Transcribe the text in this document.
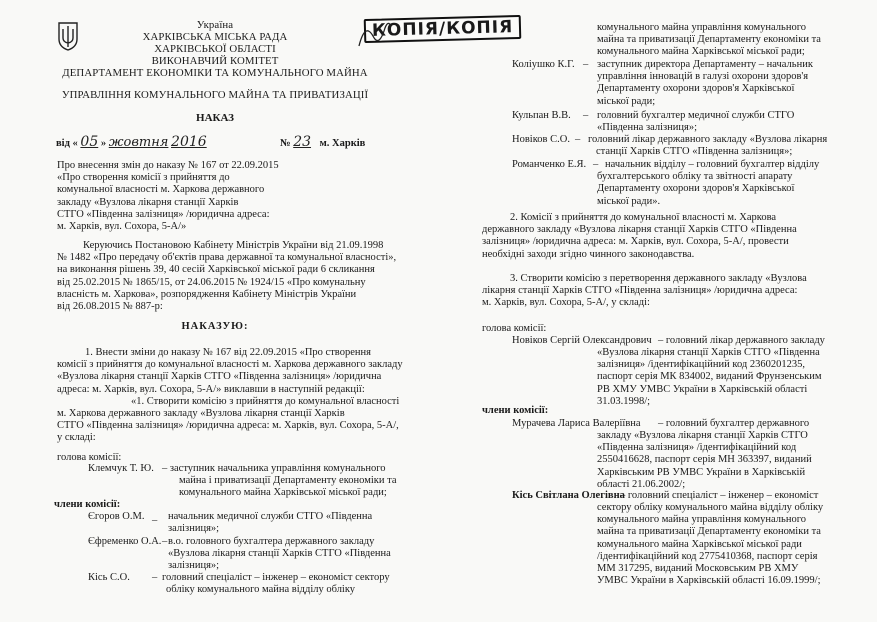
Україна
ХАРКІВСЬКА МІСЬКА РАДА
ХАРКІВСЬКОЇ ОБЛАСТІ
ВИКОНАВЧИЙ КОМІТЕТ
ДЕПАРТАМЕНТ ЕКОНОМІКИ ТА КОМУНАЛЬНОГО МАЙНА
УПРАВЛІННЯ КОМУНАЛЬНОГО МАЙНА ТА ПРИВАТИЗАЦІЇ
НАКАЗ
від « 05 » жовтня 2016	№ 23 м. Харків
Про внесення змін до наказу № 167 от 22.09.2015
«Про створення комісії з прийняття до
комунальної власності м. Харкова державного
закладу «Вузлова лікарня станції Харків
СТГО «Південна залізниця» /юридична адреса:
м. Харків, вул. Сохора, 5-А/»
Керуючись Постановою Кабінету Міністрів України від 21.09.1998
№ 1482 «Про передачу об'єктів права державної та комунальної власності»,
на виконання рішень 39, 40 сесій Харківської міської ради 6 скликання
від 25.02.2015 № 1865/15, от 24.06.2015 № 1924/15 «Про комунальну
власність м. Харкова», розпорядження Кабінету Міністрів України
від 26.08.2015 № 887-р:
НАКАЗУЮ:
1. Внести зміни до наказу № 167 від 22.09.2015 «Про створення
комісії з прийняття до комунальної власності м. Харкова державного закладу
«Вузлова лікарня станції Харків СТГО «Південна залізниця» /юридична
адреса: м. Харків, вул. Сохора, 5-А/» виклавши в наступній редакції:
«1. Створити комісію з прийняття до комунальної власності
м. Харкова державного закладу «Вузлова лікарня станції Харків
СТГО «Південна залізниця» /юридична адреса: м. Харків, вул. Сохора, 5-А/,
у складі:
голова комісії:
Клемчук Т. Ю. – заступник начальника управління комунального
майна і приватизації Департаменту економіки та
комунального майна Харківської міської ради;
члени комісії:
Єгоров О.М. _ начальник медичної служби СТГО «Південна
залізниця»;
Єфременко О.А. – в.о. головного бухгалтера державного закладу
«Вузлова лікарня станції Харків СТГО «Південна
залізниця»;
Кісь С.О. – головний спеціаліст – інженер – економіст сектору
обліку комунального майна відділу обліку
КОПІЯ/КОПІЯ	комунального майна управління комунального
майна та приватизації Департаменту економіки та
комунального майна Харківської міської ради;
Коліушко К.Г. – заступник директора Департаменту – начальник
управління інновацій в галузі охорони здоров'я
Департаменту охорони здоров'я Харківської
міської ради;
Кульпан В.В. – головний бухгалтер медичної служби СТГО
«Південна залізниця»;
Новіков С.О. – головний лікар державного закладу «Вузлова лікарня
станції Харків СТГО «Південна залізниця»;
Романченко Е.Я. – начальник відділу – головний бухгалтер відділу
бухгалтерського обліку та звітності апарату
Департаменту охорони здоров'я Харківської
міської ради».
2. Комісії з прийняття до комунальної власності м. Харкова
державного закладу «Вузлова лікарня станції Харків СТГО «Південна
залізниця» /юридична адреса: м. Харків, вул. Сохора, 5-А/, провести
необхідні заходи згідно чинного законодавства.
3. Створити комісію з перетворення державного закладу «Вузлова
лікарня станції Харків СТГО «Південна залізниця» /юридична адреса:
м. Харків, вул. Сохора, 5-А/, у складі:
голова комісії:
Новіков Сергій Олександрович – головний лікар державного закладу
«Вузлова лікарня станції Харків СТГО «Південна
залізниця» /ідентифікаційний код 2360201235,
паспорт серія МК 834002, виданий Фрунзенським
РВ ХМУ УМВС України в Харківській області
31.03.1998/;
члени комісії:
Мурачева Лариса Валеріївна – головний бухгалтер державного
закладу «Вузлова лікарня станції Харків СТГО
«Південна залізниця» /ідентифікаційний код
2550416628, паспорт серія МН 363397, виданий
Харківським РВ УМВС України в Харківській
області 21.06.2002/;
Кісь Світлана Олегівна
– головний спеціаліст – інженер – економіст
сектору обліку комунального майна відділу обліку
комунального майна управління комунального
майна та приватизації Департаменту економіки та
комунального майна Харківської міської ради
/ідентифікаційний код 2775410368, паспорт серія
ММ 317295, виданий Московським РВ ХМУ
УМВС України в Харківській області 16.09.1999/;
